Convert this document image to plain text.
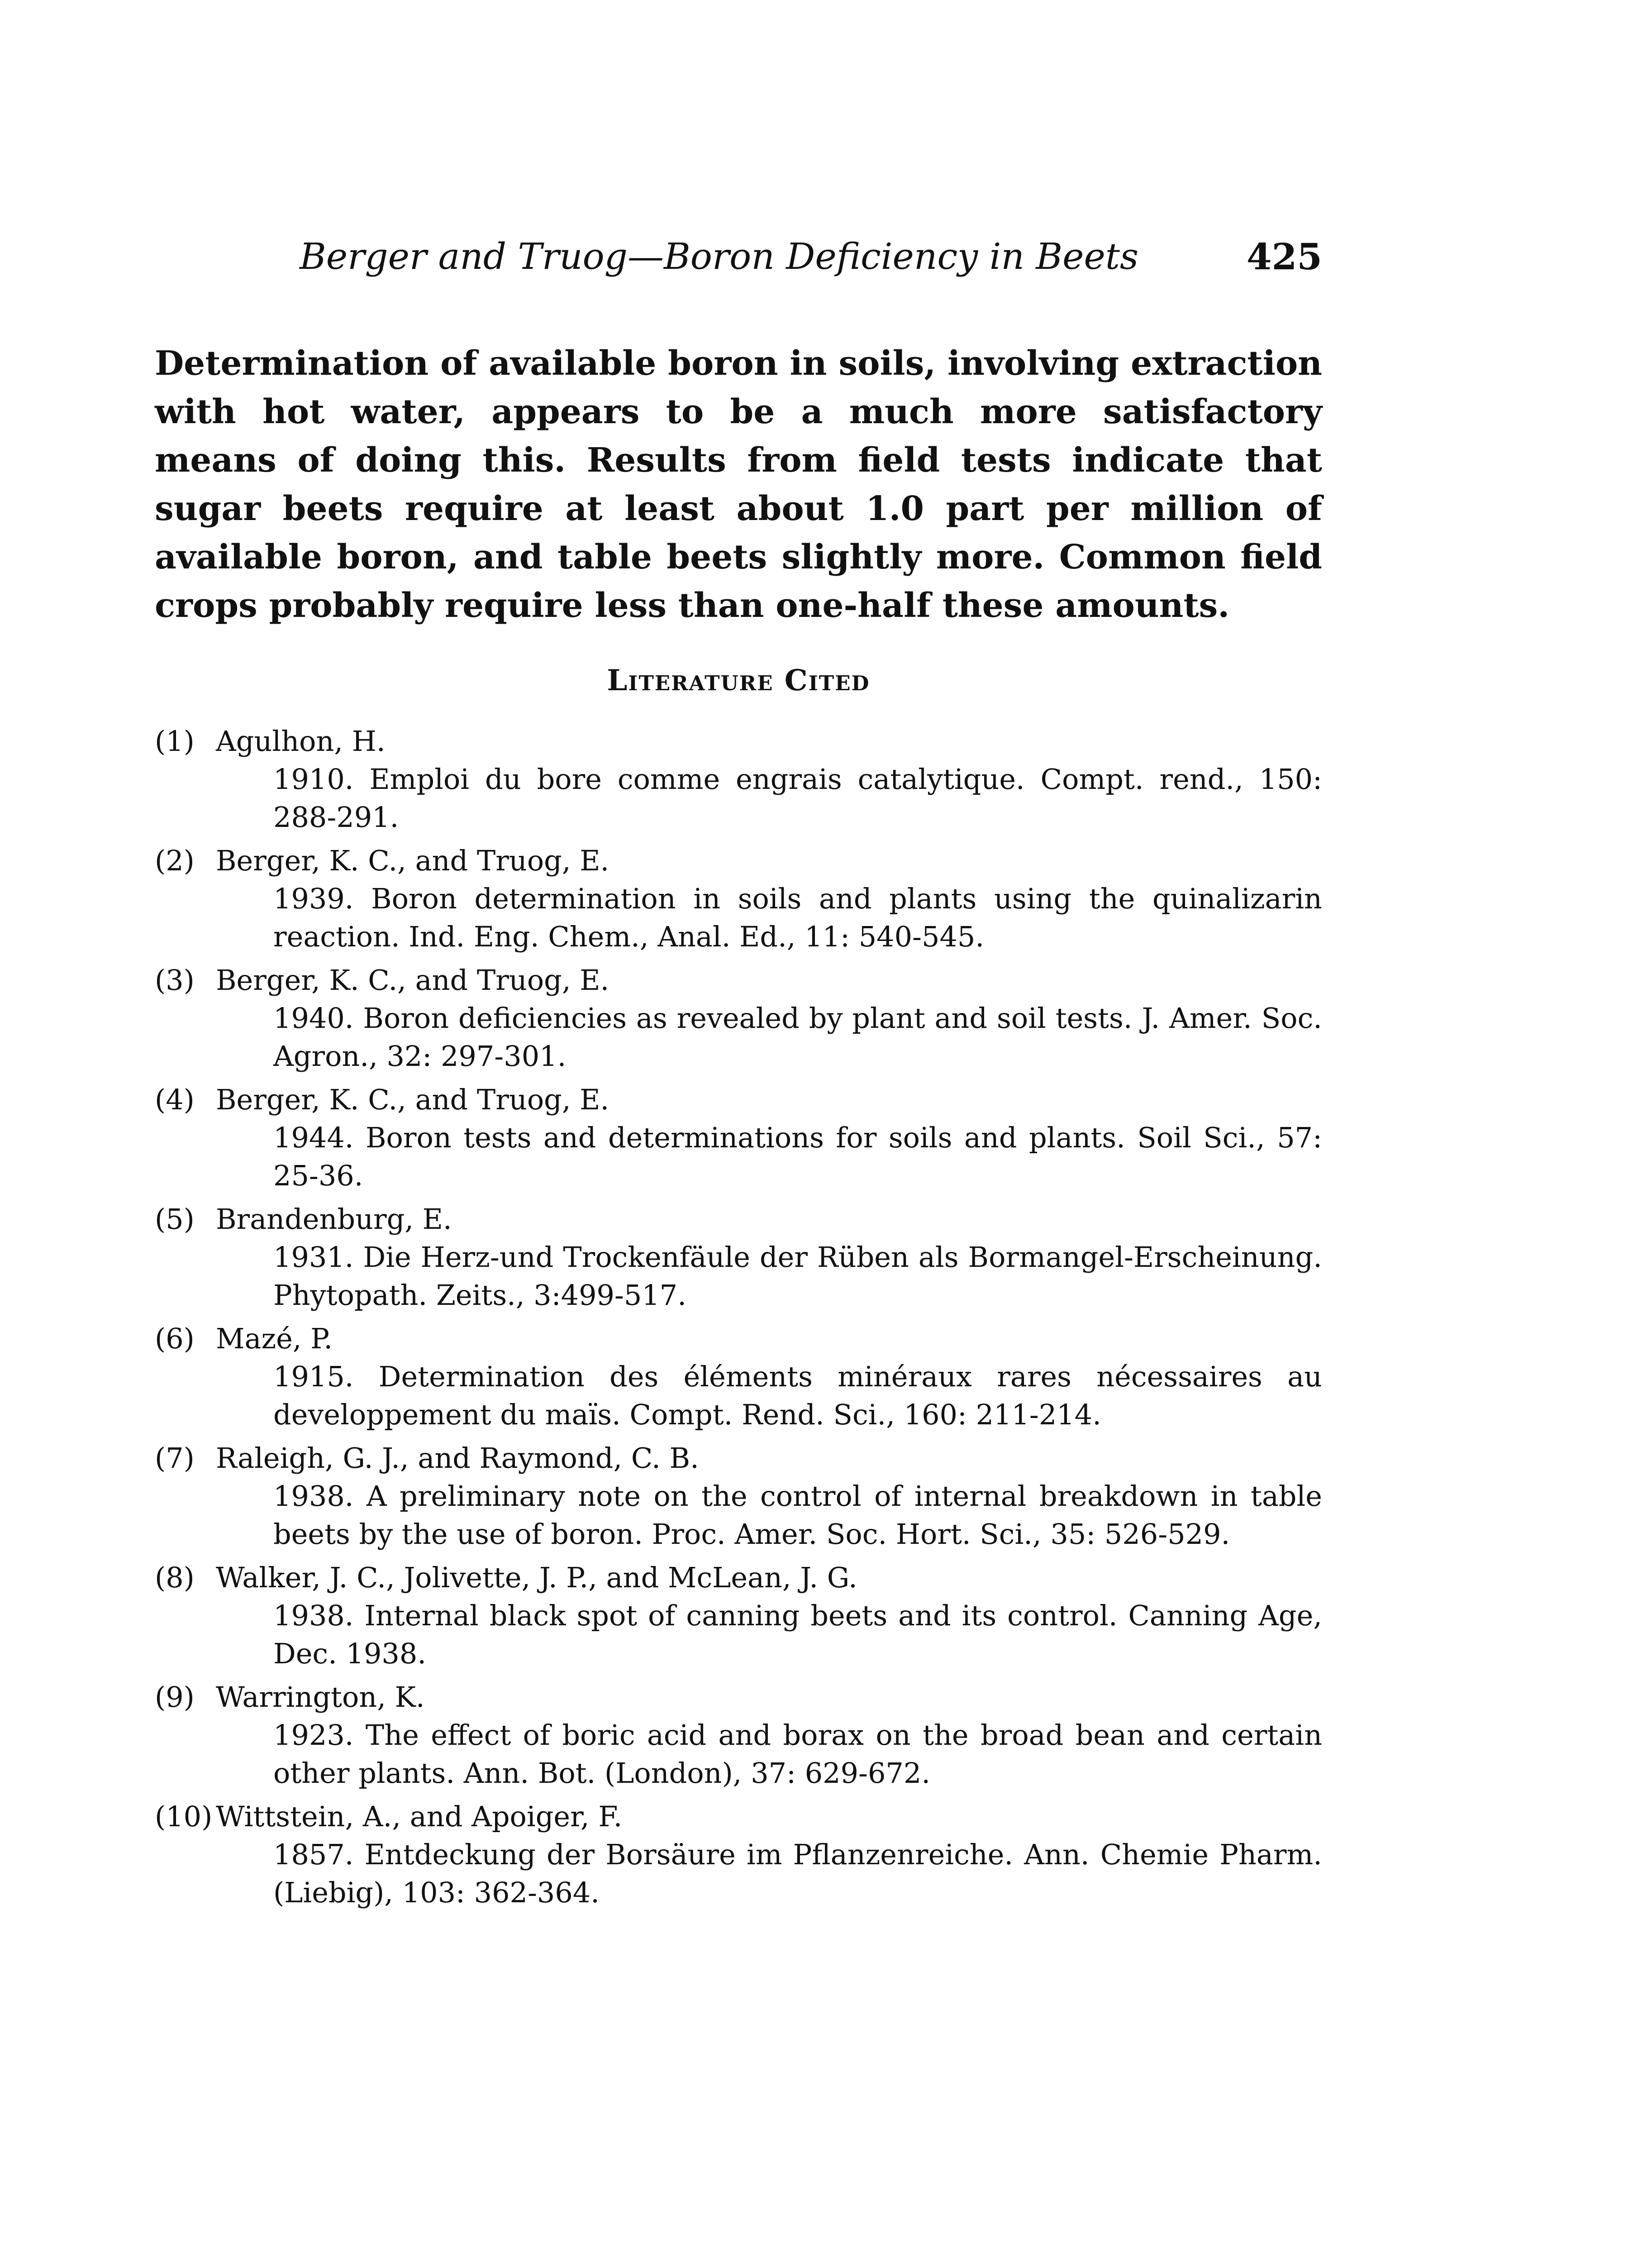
Berger and Truog—Boron Deficiency in Beets	425

Determination of available boron in soils, involving extraction with hot water, appears to be a much more satisfactory means of doing this. Results from field tests indicate that sugar beets require at least about 1.0 part per million of available boron, and table beets slightly more. Common field crops probably require less than one-half these amounts.

Literature Cited
(1) Agulhon, H.
1910. Emploi du bore comme engrais catalytique. Compt. rend., 150: 288-291.
(2) Berger, K. C., and Truog, E.
1939. Boron determination in soils and plants using the quinalizarin reaction. Ind. Eng. Chem., Anal. Ed., 11: 540-545.
(3) Berger, K. C., and Truog, E.
1940. Boron deficiencies as revealed by plant and soil tests. J. Amer. Soc. Agron., 32: 297-301.
(4) Berger, K. C., and Truog, E.
1944. Boron tests and determinations for soils and plants. Soil Sci., 57: 25-36.
(5) Brandenburg, E.
1931. Die Herz-und Trockenfäule der Rüben als Bormangel-Erscheinung. Phytopath. Zeits., 3:499-517.
(6) Mazé, P.
1915. Determination des éléments minéraux rares nécessaires au developpement du maïs. Compt. Rend. Sci., 160: 211-214.
(7) Raleigh, G. J., and Raymond, C. B.
1938. A preliminary note on the control of internal breakdown in table beets by the use of boron. Proc. Amer. Soc. Hort. Sci., 35: 526-529.
(8) Walker, J. C., Jolivette, J. P., and McLean, J. G.
1938. Internal black spot of canning beets and its control. Canning Age, Dec. 1938.
(9) Warrington, K.
1923. The effect of boric acid and borax on the broad bean and certain other plants. Ann. Bot. (London), 37: 629-672.
(10) Wittstein, A., and Apoiger, F.
1857. Entdeckung der Borsäure im Pflanzenreiche. Ann. Chemie Pharm. (Liebig), 103: 362-364.
